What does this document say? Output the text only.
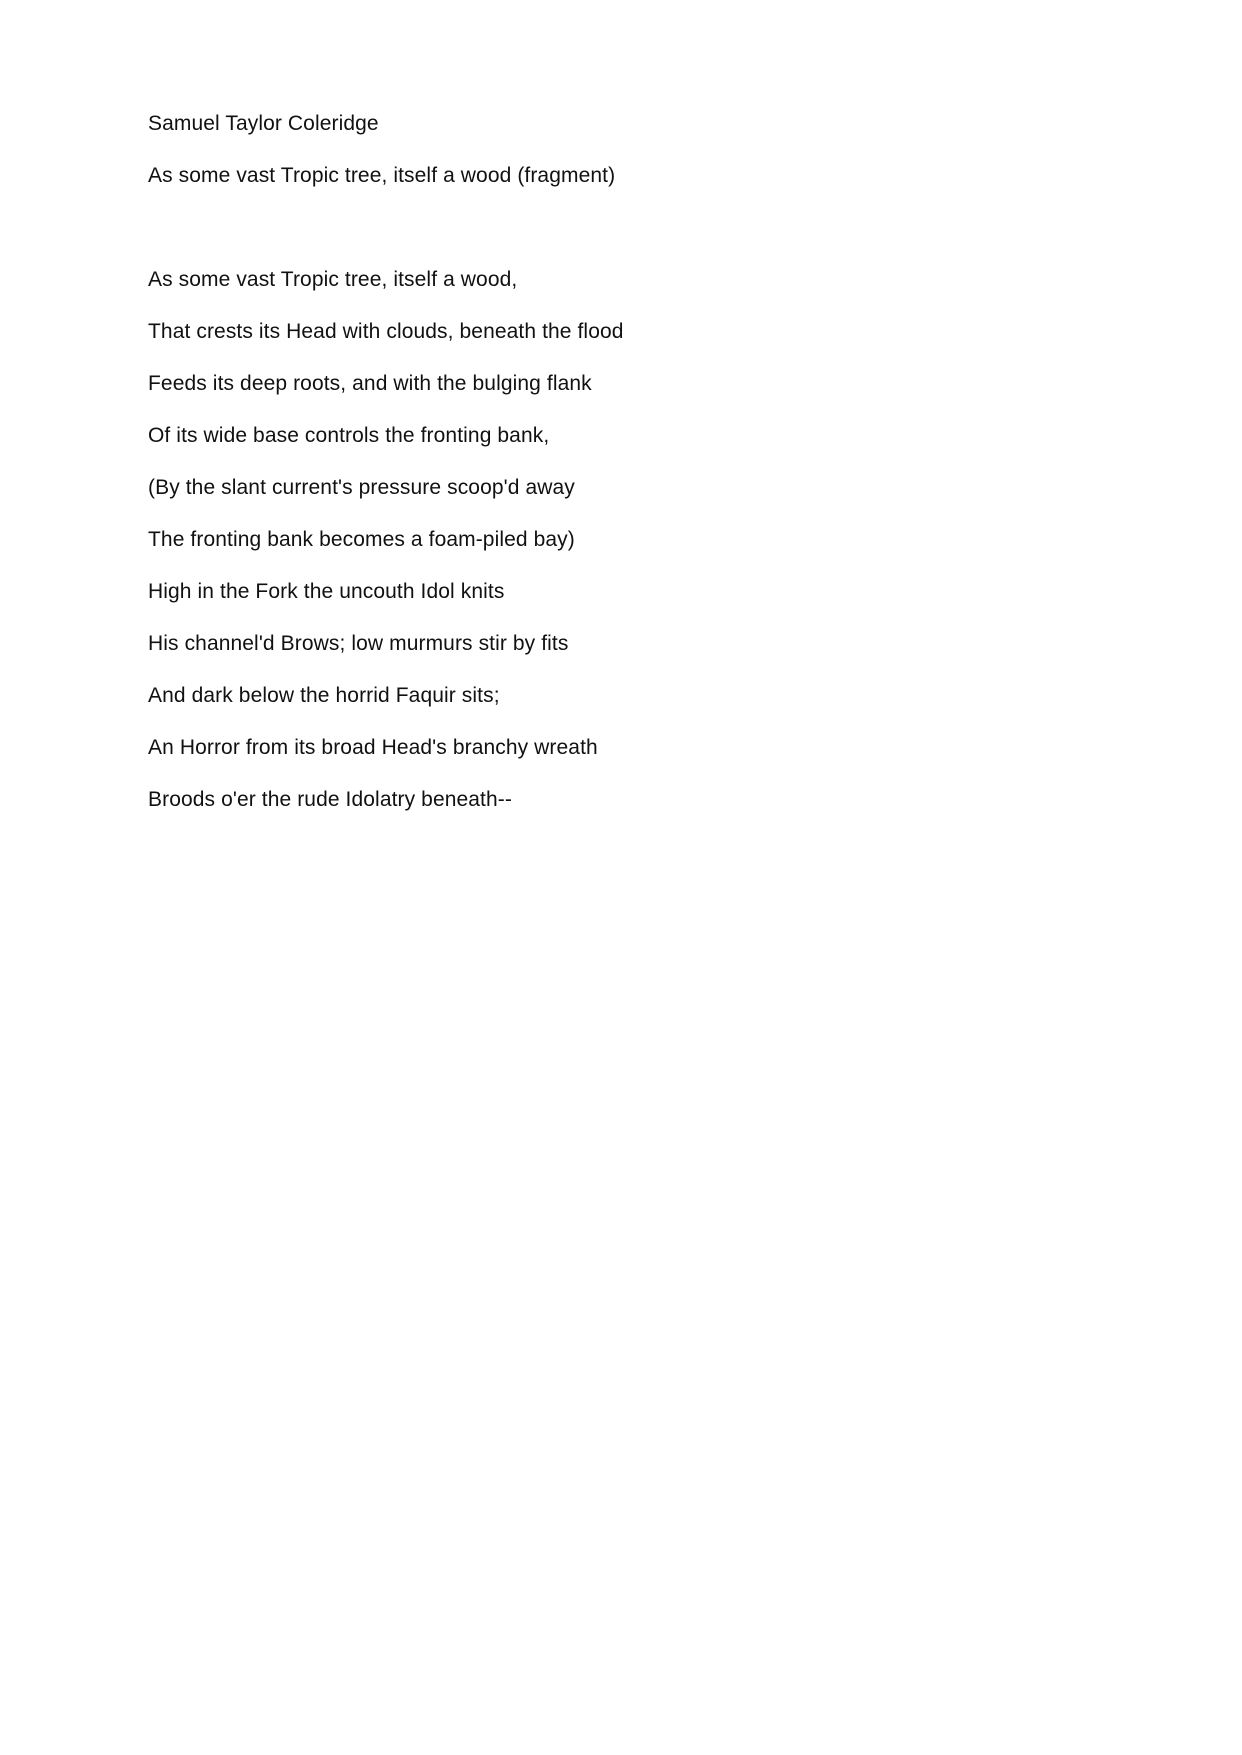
Samuel Taylor Coleridge
As some vast Tropic tree, itself a wood (fragment)
As some vast Tropic tree, itself a wood,
That crests its Head with clouds, beneath the flood
Feeds its deep roots, and with the bulging flank
Of its wide base controls the fronting bank,
(By the slant current's pressure scoop'd away
The fronting bank becomes a foam-piled bay)
High in the Fork the uncouth Idol knits
His channel'd Brows; low murmurs stir by fits
And dark below the horrid Faquir sits;
An Horror from its broad Head's branchy wreath
Broods o'er the rude Idolatry beneath--
